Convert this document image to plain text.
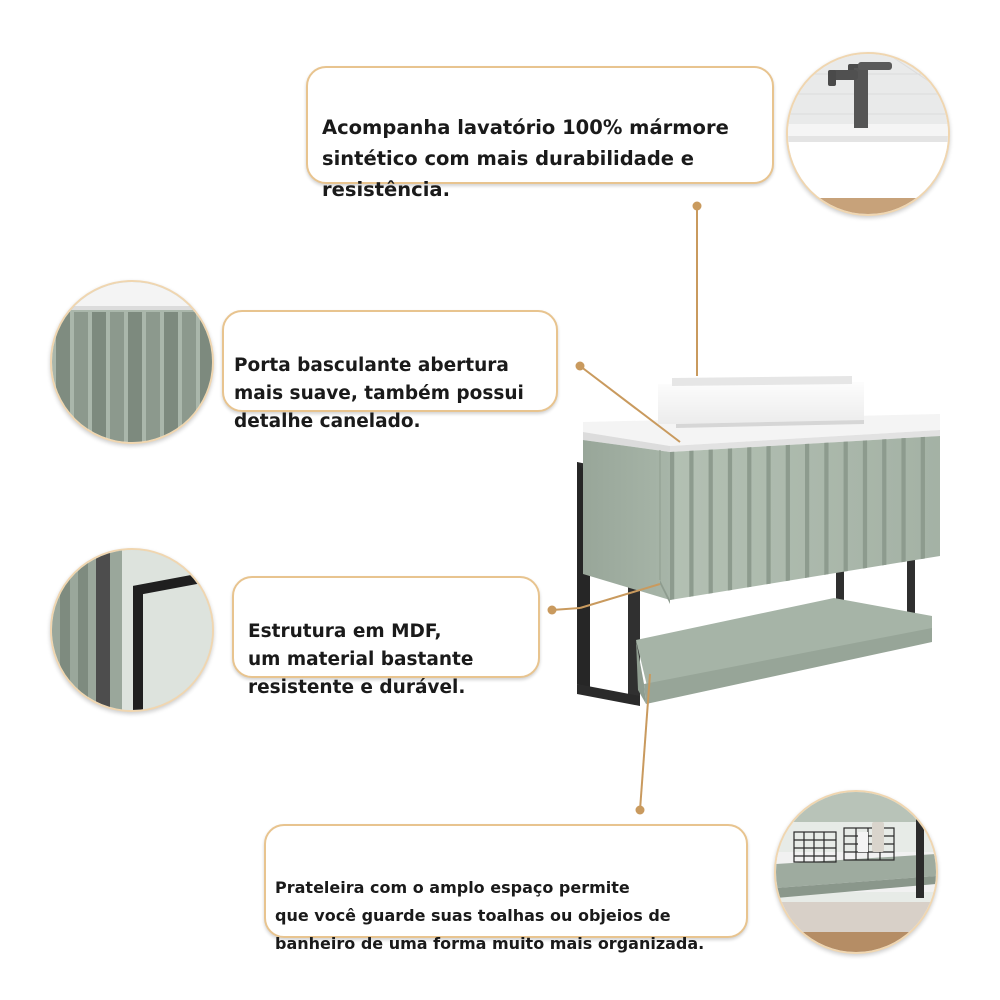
Acompanha lavatório 100% mármore
sintético com mais durabilidade e
resistência.

Porta basculante abertura
mais suave, também possui
detalhe canelado.

Estrutura em MDF,
um material bastante
resistente e durável.

Prateleira com o amplo espaço permite
que você guarde suas toalhas ou objeios de
banheiro de uma forma muito mais organizada.
